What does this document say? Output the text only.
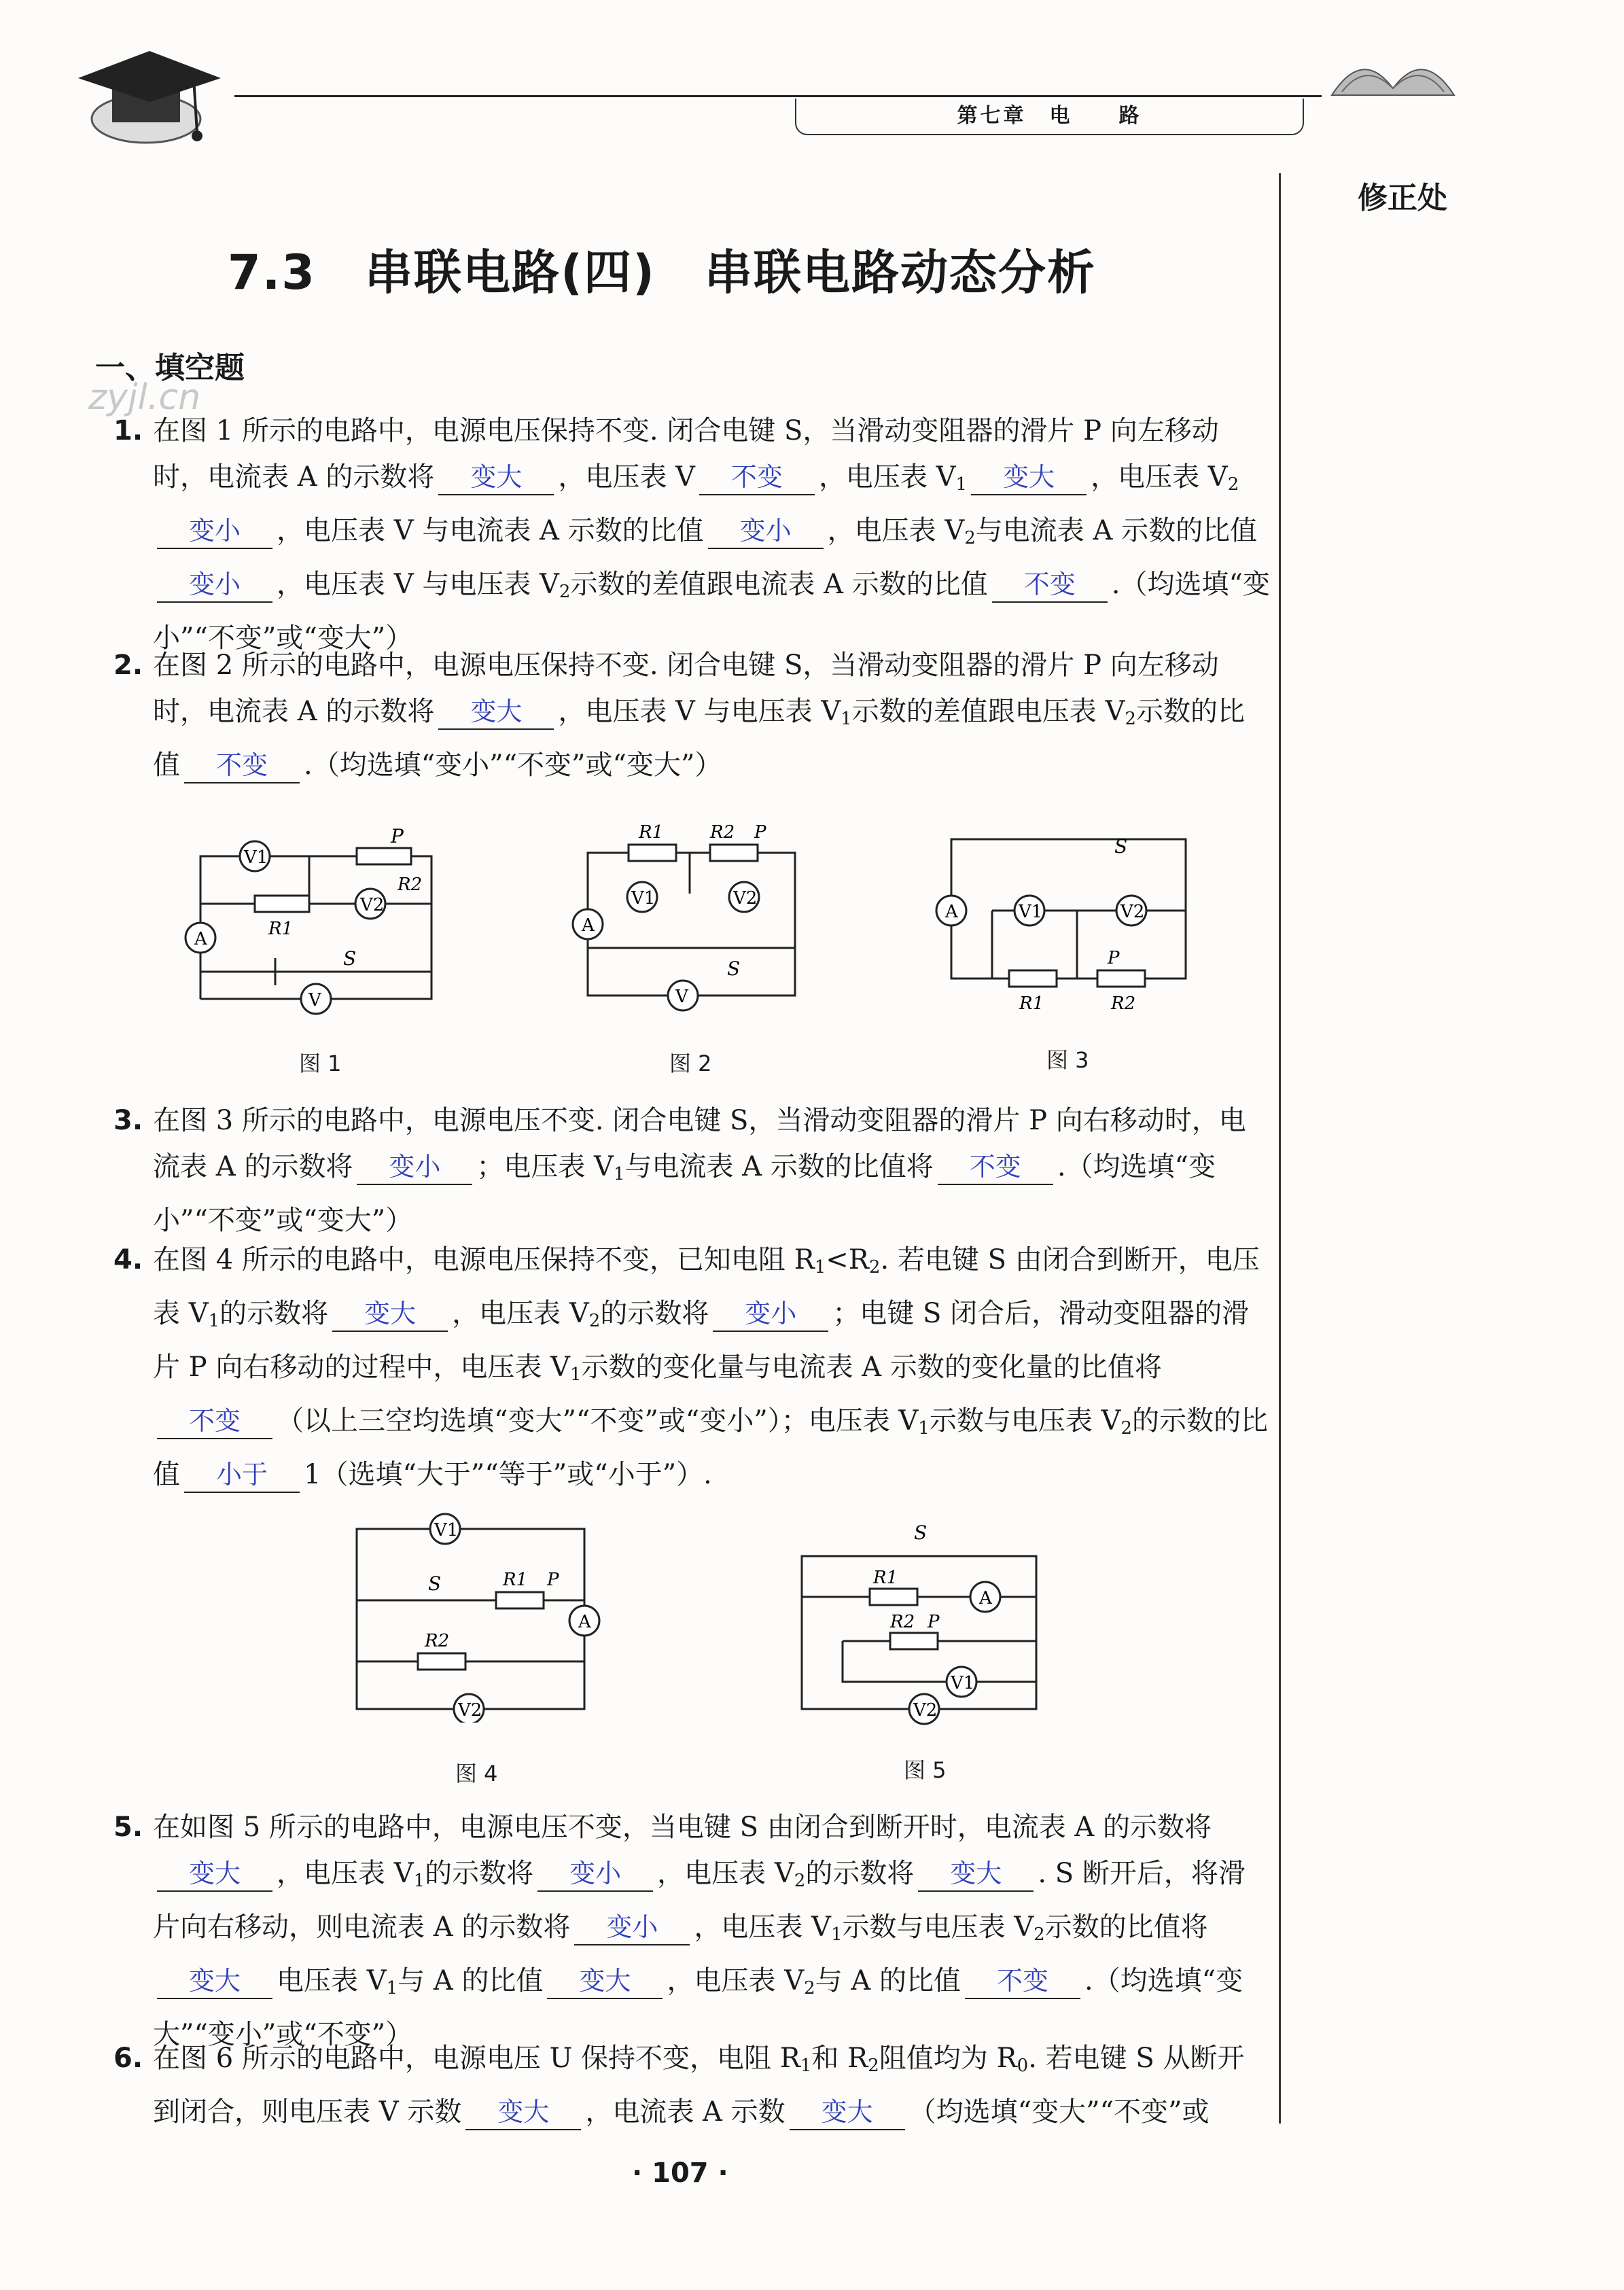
第七章　电　　路
修正处
7.3　串联电路(四)　串联电路动态分析
一、填空题
zyjl.cn
1. 在图 1 所示的电路中，电源电压保持不变. 闭合电键 S，当滑动变阻器的滑片 P 向左移动时，电流表 A 的示数将 变大 ，电压表 V 不变 ，电压表 $V_1$ 变大 ，电压表 $V_2$变小 ，电压表 V 与电流表 A 示数的比值 变小 ，电压表 $V_2$与电流表 A 示数的比值变小 ，电压表 V 与电压表 $V_2$示数的差值跟电流表 A 示数的比值 不变 .（均选填“变小”“不变”或“变大”）
2. 在图 2 所示的电路中，电源电压保持不变. 闭合电键 S，当滑动变阻器的滑片 P 向左移动时，电流表 A 的示数将 变大 ，电压表 V 与电压表 $V_1$示数的差值跟电压表 $V_2$示数的比值 不变 .（均选填“变小”“不变”或“变大”）
V1
P
R2
V2
A	R1
S
V
图 1
R1	R2 P
V1	V2
A
S
V
图 2
S
A	V1	V2
R1
P
R2
图 3
3. 在图 3 所示的电路中，电源电压不变. 闭合电键 S，当滑动变阻器的滑片 P 向右移动时，电流表 A 的示数将 变小 ；电压表 $V_1$与电流表 A 示数的比值将 不变 .（均选填“变小”“不变”或“变大”）
4. 在图 4 所示的电路中，电源电压保持不变，已知电阻 $R_1<R_2$. 若电键 S 由闭合到断开，电压表 $V_1$的示数将 变大 ，电压表 $V_2$的示数将 变小 ；电键 S 闭合后，滑动变阻器的滑片 P 向右移动的过程中，电压表 $V_1$示数的变化量与电流表 A 示数的变化量的比值将不变 （以上三空均选填“变大”“不变”或“变小”）；电压表 $V_1$示数与电压表 $V_2$的示数的比值 小于 1（选填“大于”“等于”或“小于”）.
V1
S	R1 P
A
R2
V2
图 4
S
R1
A
R2 P
V1
V2
图 5
5. 在如图 5 所示的电路中，电源电压不变，当电键 S 由闭合到断开时，电流表 A 的示数将变大 ，电压表 $V_1$的示数将 变小 ，电压表 $V_2$的示数将 变大 . S 断开后，将滑片向右移动，则电流表 A 的示数将 变小 ，电压表 $V_1$示数与电压表 $V_2$示数的比值将变大 电压表 $V_1$与 A 的比值 变大 ，电压表 $V_2$与 A 的比值 不变 .（均选填“变大”“变小”或“不变”）
6. 在图 6 所示的电路中，电源电压 U 保持不变，电阻 $R_1$和 $R_2$阻值均为 $R_0$. 若电键 S 从断开到闭合，则电压表 V 示数 变大 ，电流表 A 示数 变大 （均选填“变大”“不变”或
· 107 ·
